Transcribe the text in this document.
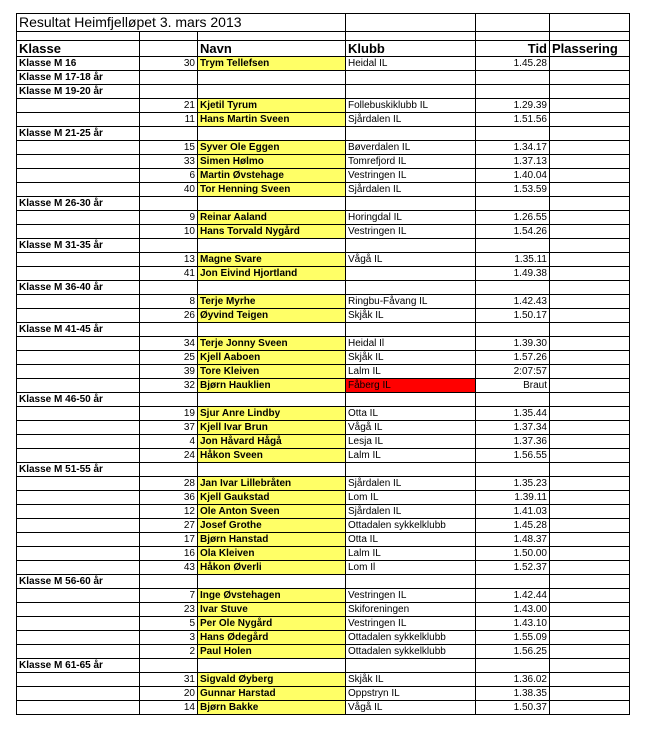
Resultat Heimfjelløpet 3. mars 2013					

Klasse		Navn	Klubb	Tid	Plassering
Klasse M 16	30	Trym Tellefsen	Heidal IL	1.45.28	
Klasse M 17-18 år					
Klasse M 19-20 år					
	21	Kjetil Tyrum	Follebuskiklubb IL	1.29.39	
	11	Hans Martin Sveen	Sjårdalen IL	1.51.56	
Klasse M 21-25 år					
	15	Syver Ole Eggen	Bøverdalen IL	1.34.17	
	33	Simen Hølmo	Tomrefjord IL	1.37.13	
	6	Martin Øvstehage	Vestringen IL	1.40.04	
	40	Tor Henning Sveen	Sjårdalen IL	1.53.59	
Klasse M 26-30 år					
	9	Reinar Aaland	Horingdal IL	1.26.55	
	10	Hans Torvald Nygård	Vestringen IL	1.54.26	
Klasse M 31-35 år					
	13	Magne Svare	Vågå IL	1.35.11	
	41	Jon Eivind Hjortland		1.49.38	
Klasse M 36-40 år					
	8	Terje Myrhe	Ringbu-Fåvang IL	1.42.43	
	26	Øyvind Teigen	Skjåk IL	1.50.17	
Klasse M 41-45 år					
	34	Terje Jonny Sveen	Heidal Il	1.39.30	
	25	Kjell Aaboen	Skjåk IL	1.57.26	
	39	Tore Kleiven	Lalm IL	2:07:57	
	32	Bjørn Hauklien	Fåberg IL	Braut	
Klasse M 46-50 år					
	19	Sjur Anre Lindby	Otta IL	1.35.44	
	37	Kjell Ivar Brun	Vågå IL	1.37.34	
	4	Jon Håvard Hågå	Lesja IL	1.37.36	
	24	Håkon Sveen	Lalm IL	1.56.55	
Klasse M 51-55 år					
	28	Jan Ivar Lillebråten	Sjårdalen IL	1.35.23	
	36	Kjell Gaukstad	Lom IL	1.39.11	
	12	Ole Anton Sveen	Sjårdalen IL	1.41.03	
	27	Josef Grothe	Ottadalen sykkelklubb	1.45.28	
	17	Bjørn Hanstad	Otta IL	1.48.37	
	16	Ola Kleiven	Lalm IL	1.50.00	
	43	Håkon Øverli	Lom Il	1.52.37	
Klasse M 56-60 år					
	7	Inge Øvstehagen	Vestringen IL	1.42.44	
	23	Ivar Stuve	Skiforeningen	1.43.00	
	5	Per Ole Nygård	Vestringen IL	1.43.10	
	3	Hans Ødegård	Ottadalen sykkelklubb	1.55.09	
	2	Paul Holen	Ottadalen sykkelklubb	1.56.25	
Klasse M 61-65 år					
	31	Sigvald Øyberg	Skjåk IL	1.36.02	
	20	Gunnar Harstad	Oppstryn IL	1.38.35	
	14	Bjørn Bakke	Vågå IL	1.50.37	
